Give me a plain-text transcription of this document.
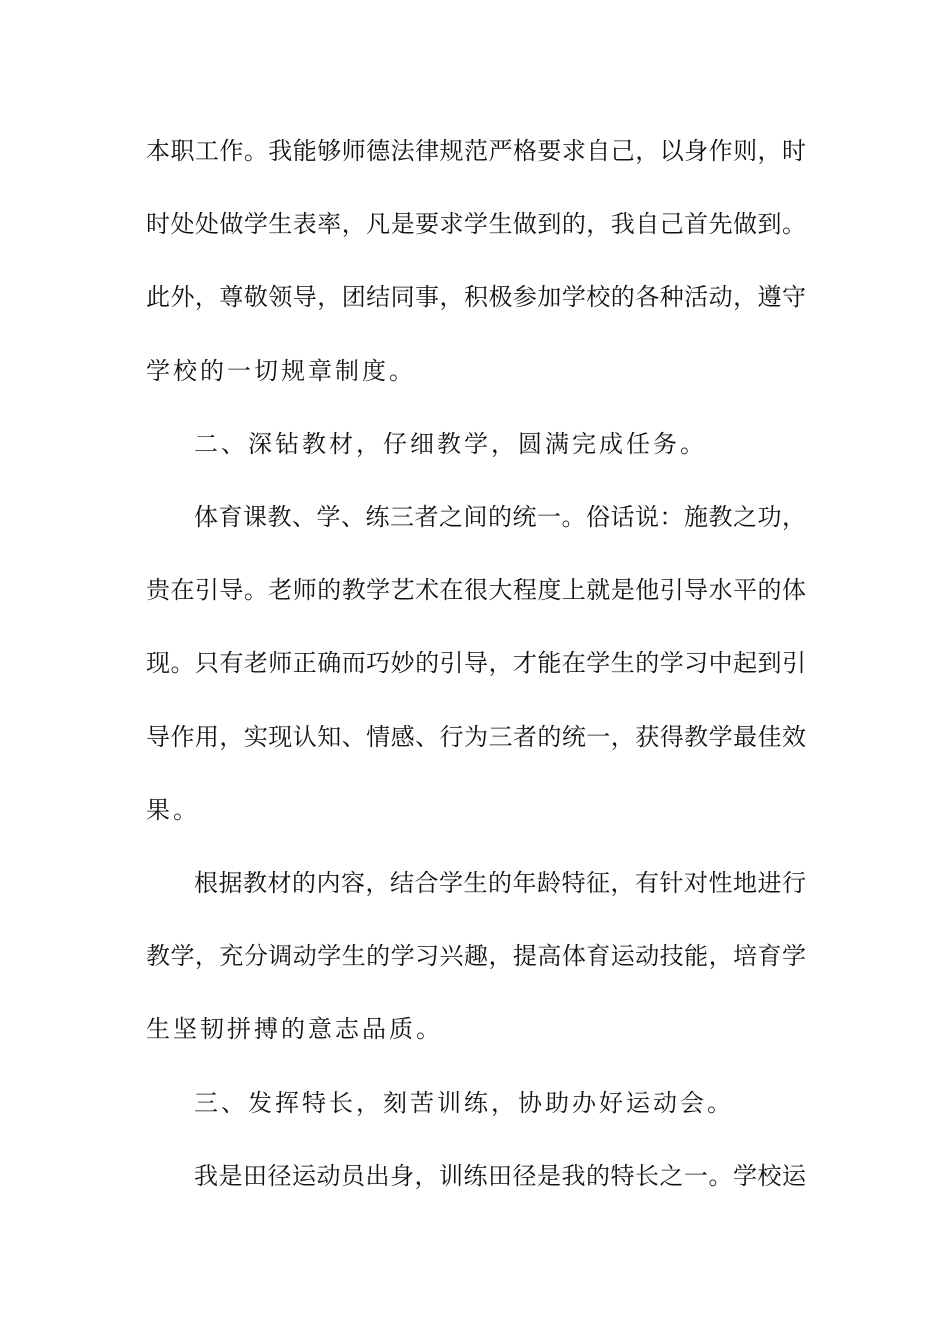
本职工作。我能够师德法律规范严格要求自己，以身作则，时
时处处做学生表率，凡是要求学生做到的，我自己首先做到。
此外，尊敬领导，团结同事，积极参加学校的各种活动，遵守
学校的一切规章制度。
二、深钻教材，仔细教学，圆满完成任务。
体育课教、学、练三者之间的统一。俗话说：施教之功，
贵在引导。老师的教学艺术在很大程度上就是他引导水平的体
现。只有老师正确而巧妙的引导，才能在学生的学习中起到引
导作用，实现认知、情感、行为三者的统一，获得教学最佳效
果。
根据教材的内容，结合学生的年龄特征，有针对性地进行
教学，充分调动学生的学习兴趣，提高体育运动技能，培育学
生坚韧拼搏的意志品质。
三、发挥特长，刻苦训练，协助办好运动会。
我是田径运动员出身，训练田径是我的特长之一。学校运
